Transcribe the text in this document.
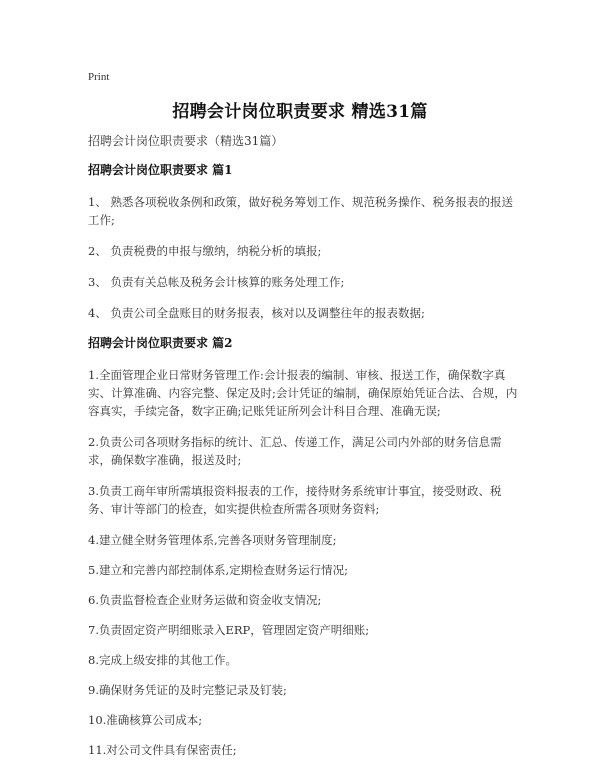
Print
招聘会计岗位职责要求 精选31篇

招聘会计岗位职责要求（精选31篇）

招聘会计岗位职责要求 篇1

1、 熟悉各项税收条例和政策，做好税务筹划工作、规范税务操作、税务报表的报送工作;

2、 负责税费的申报与缴纳，纳税分析的填报;

3、 负责有关总帐及税务会计核算的账务处理工作;

4、 负责公司全盘账目的财务报表，核对以及调整往年的报表数据;

招聘会计岗位职责要求 篇2

1.全面管理企业日常财务管理工作:会计报表的编制、审核、报送工作，确保数字真实、计算准确、内容完整、保定及时;会计凭证的编制，确保原始凭证合法、合规，内容真实，手续完备，数字正确;记账凭证所列会计科目合理、准确无误;

2.负责公司各项财务指标的统计、汇总、传递工作，满足公司内外部的财务信息需求，确保数字准确，报送及时;

3.负责工商年审所需填报资料报表的工作，接待财务系统审计事宜，接受财政、税务、审计等部门的检查，如实提供检查所需各项财务资料;

4.建立健全财务管理体系,完善各项财务管理制度;

5.建立和完善内部控制体系,定期检查财务运行情况;

6.负责监督检查企业财务运做和资金收支情况;

7.负责固定资产明细账录入ERP，管理固定资产明细账;

8.完成上级安排的其他工作。

9.确保财务凭证的及时完整记录及钉装;

10.准确核算公司成本;

11.对公司文件具有保密责任;
